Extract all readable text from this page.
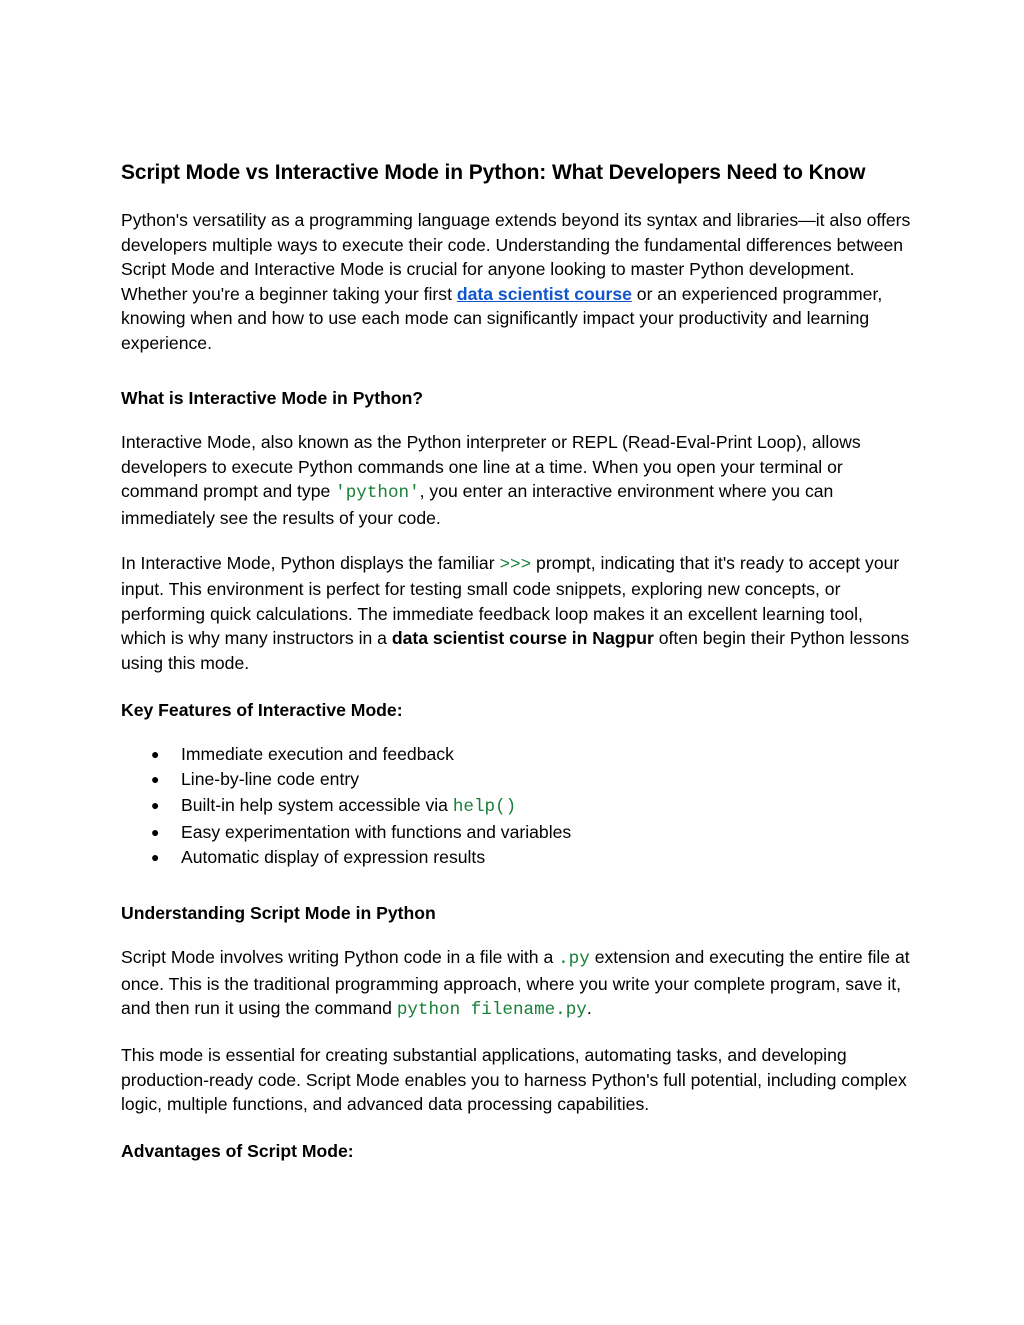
Script Mode vs Interactive Mode in Python: What Developers Need to Know

Python's versatility as a programming language extends beyond its syntax and libraries—it also offers developers multiple ways to execute their code. Understanding the fundamental differences between Script Mode and Interactive Mode is crucial for anyone looking to master Python development. Whether you're a beginner taking your first data scientist course or an experienced programmer, knowing when and how to use each mode can significantly impact your productivity and learning experience.

What is Interactive Mode in Python?

Interactive Mode, also known as the Python interpreter or REPL (Read-Eval-Print Loop), allows developers to execute Python commands one line at a time. When you open your terminal or command prompt and type 'python', you enter an interactive environment where you can immediately see the results of your code.

In Interactive Mode, Python displays the familiar >>> prompt, indicating that it's ready to accept your input. This environment is perfect for testing small code snippets, exploring new concepts, or performing quick calculations. The immediate feedback loop makes it an excellent learning tool, which is why many instructors in a data scientist course in Nagpur often begin their Python lessons using this mode.

Key Features of Interactive Mode:
● Immediate execution and feedback
● Line-by-line code entry
● Built-in help system accessible via help()
● Easy experimentation with functions and variables
● Automatic display of expression results
Understanding Script Mode in Python

Script Mode involves writing Python code in a file with a .py extension and executing the entire file at once. This is the traditional programming approach, where you write your complete program, save it, and then run it using the command python filename.py.

This mode is essential for creating substantial applications, automating tasks, and developing production-ready code. Script Mode enables you to harness Python's full potential, including complex logic, multiple functions, and advanced data processing capabilities.

Advantages of Script Mode:
